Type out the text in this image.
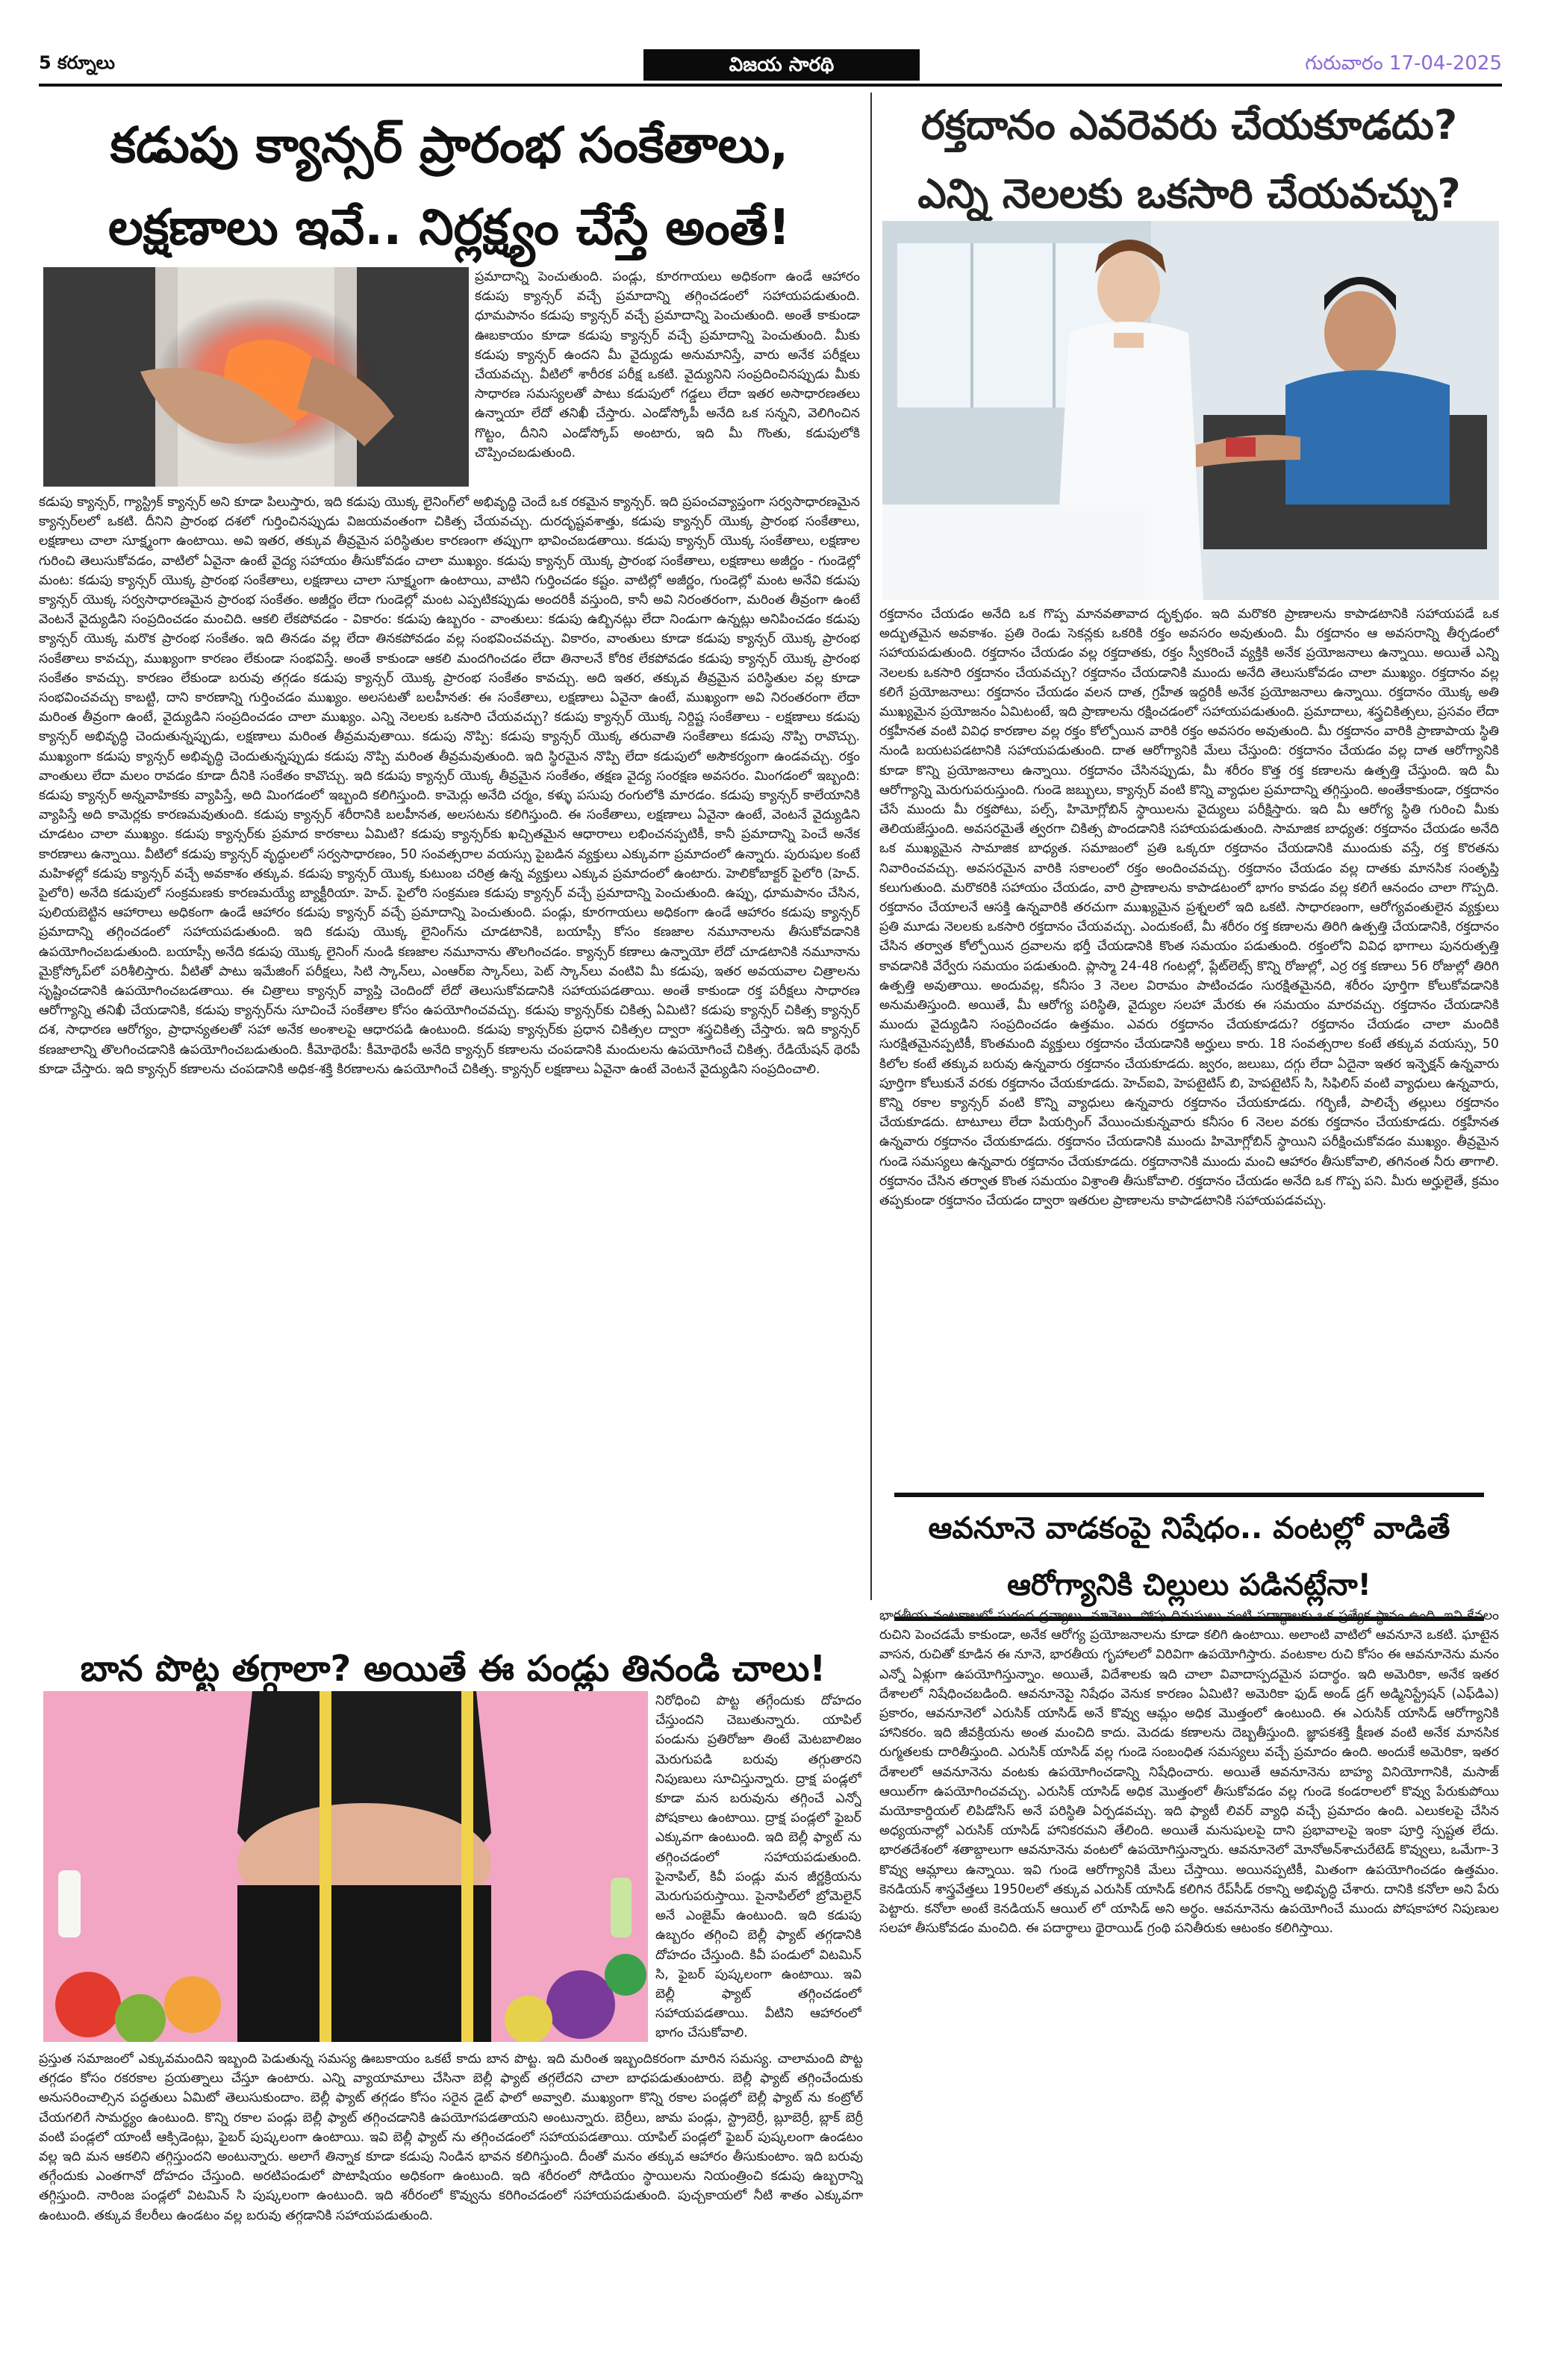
5 కర్నూలు	విజయ సారథి	గురువారం 17-04-2025
కడుపు క్యాన్సర్ ప్రారంభ సంకేతాలు, లక్షణాలు ఇవే.. నిర్లక్ష్యం చేస్తే అంతే!
ప్రమాదాన్ని పెంచుతుంది. పండ్లు, కూరగాయలు అధికంగా ఉండే ఆహారం కడుపు క్యాన్సర్ వచ్చే ప్రమాదాన్ని తగ్గించడంలో సహాయపడుతుంది. ధూమపానం కడుపు క్యాన్సర్ వచ్చే ప్రమాదాన్ని పెంచుతుంది. అంతే కాకుండా ఊబకాయం కూడా కడుపు క్యాన్సర్ వచ్చే ప్రమాదాన్ని పెంచుతుంది. మీకు కడుపు క్యాన్సర్ ఉందని మీ వైద్యుడు అనుమానిస్తే, వారు అనేక పరీక్షలు చేయవచ్చు. వీటిలో శారీరక పరీక్ష ఒకటి. వైద్యునిని సంప్రదించినప్పుడు మీకు సాధారణ సమస్యలతో పాటు కడుపులో గడ్డలు లేదా ఇతర అసాధారణతలు ఉన్నాయా లేదో తనిఖీ చేస్తారు. ఎండోస్కోపీ అనేది ఒక సన్నని, వెలిగించిన గొట్టం, దీనిని ఎండోస్కోప్ అంటారు, ఇది మీ గొంతు, కడుపులోకి చొప్పించబడుతుంది.
కడుపు క్యాన్సర్, గ్యాస్ట్రిక్ క్యాన్సర్ అని కూడా పిలుస్తారు, ఇది కడుపు యొక్క లైనింగ్‌లో అభివృద్ధి చెందే ఒక రకమైన క్యాన్సర్. ఇది ప్రపంచవ్యాప్తంగా సర్వసాధారణమైన క్యాన్సర్‌లలో ఒకటి. దీనిని ప్రారంభ దశలో గుర్తించినప్పుడు విజయవంతంగా చికిత్స చేయవచ్చు. దురదృష్టవశాత్తు, కడుపు క్యాన్సర్ యొక్క ప్రారంభ సంకేతాలు, లక్షణాలు చాలా సూక్ష్మంగా ఉంటాయి. అవి ఇతర, తక్కువ తీవ్రమైన పరిస్థితుల కారణంగా తప్పుగా భావించబడతాయి. కడుపు క్యాన్సర్ యొక్క సంకేతాలు, లక్షణాల గురించి తెలుసుకోవడం, వాటిలో ఏవైనా ఉంటే వైద్య సహాయం తీసుకోవడం చాలా ముఖ్యం. కడుపు క్యాన్సర్ యొక్క ప్రారంభ సంకేతాలు, లక్షణాలు అజీర్ణం - గుండెల్లో మంట: కడుపు క్యాన్సర్ యొక్క ప్రారంభ సంకేతాలు, లక్షణాలు చాలా సూక్ష్మంగా ఉంటాయి, వాటిని గుర్తించడం కష్టం. వాటిల్లో అజీర్ణం, గుండెల్లో మంట అనేవి కడుపు క్యాన్సర్ యొక్క సర్వసాధారణమైన ప్రారంభ సంకేతం. అజీర్ణం లేదా గుండెల్లో మంట ఎప్పటికప్పుడు అందరికీ వస్తుంది, కానీ అవి నిరంతరంగా, మరింత తీవ్రంగా ఉంటే వెంటనే వైద్యుడిని సంప్రదించడం మంచిది. ఆకలి లేకపోవడం - వికారం: కడుపు ఉబ్బరం - వాంతులు: కడుపు ఉబ్బినట్లు లేదా నిండుగా ఉన్నట్లు అనిపించడం కడుపు క్యాన్సర్ యొక్క మరొక ప్రారంభ సంకేతం. ఇది తినడం వల్ల లేదా తినకపోవడం వల్ల సంభవించవచ్చు. వికారం, వాంతులు కూడా కడుపు క్యాన్సర్ యొక్క ప్రారంభ సంకేతాలు కావచ్చు, ముఖ్యంగా కారణం లేకుండా సంభవిస్తే. అంతే కాకుండా ఆకలి మందగించడం లేదా తినాలనే కోరిక లేకపోవడం కడుపు క్యాన్సర్ యొక్క ప్రారంభ సంకేతం కావచ్చు. కారణం లేకుండా బరువు తగ్గడం కడుపు క్యాన్సర్ యొక్క ప్రారంభ సంకేతం కావచ్చు. అది ఇతర, తక్కువ తీవ్రమైన పరిస్థితుల వల్ల కూడా సంభవించవచ్చు కాబట్టి, దాని కారణాన్ని గుర్తించడం ముఖ్యం. అలసటతో బలహీనత: ఈ సంకేతాలు, లక్షణాలు ఏవైనా ఉంటే, ముఖ్యంగా అవి నిరంతరంగా లేదా మరింత తీవ్రంగా ఉంటే, వైద్యుడిని సంప్రదించడం చాలా ముఖ్యం. ఎన్ని నెలలకు ఒకసారి చేయవచ్చు? కడుపు క్యాన్సర్ యొక్క నిర్దిష్ట సంకేతాలు - లక్షణాలు కడుపు క్యాన్సర్ అభివృద్ధి చెందుతున్నప్పుడు, లక్షణాలు మరింత తీవ్రమవుతాయి. కడుపు నొప్పి: కడుపు క్యాన్సర్ యొక్క తరువాతి సంకేతాలు కడుపు నొప్పి రావొచ్చు. ముఖ్యంగా కడుపు క్యాన్సర్ అభివృద్ధి చెందుతున్నప్పుడు కడుపు నొప్పి మరింత తీవ్రమవుతుంది. ఇది స్థిరమైన నొప్పి లేదా కడుపులో అసౌకర్యంగా ఉండవచ్చు. రక్తం వాంతులు లేదా మలం రావడం కూడా దీనికి సంకేతం కావొచ్చు. ఇది కడుపు క్యాన్సర్ యొక్క తీవ్రమైన సంకేతం, తక్షణ వైద్య సంరక్షణ అవసరం. మింగడంలో ఇబ్బంది: కడుపు క్యాన్సర్ అన్నవాహికకు వ్యాపిస్తే, అది మింగడంలో ఇబ్బంది కలిగిస్తుంది. కామెర్లు అనేది చర్మం, కళ్ళు పసుపు రంగులోకి మారడం. కడుపు క్యాన్సర్ కాలేయానికి వ్యాపిస్తే అది కామెర్లకు కారణమవుతుంది. కడుపు క్యాన్సర్ శరీరానికి బలహీనత, అలసటను కలిగిస్తుంది. ఈ సంకేతాలు, లక్షణాలు ఏవైనా ఉంటే, వెంటనే వైద్యుడిని చూడటం చాలా ముఖ్యం. కడుపు క్యాన్సర్‌కు ప్రమాద కారకాలు ఏమిటి? కడుపు క్యాన్సర్‌కు ఖచ్చితమైన ఆధారాలు లభించనప్పటికీ, కానీ ప్రమాదాన్ని పెంచే అనేక కారణాలు ఉన్నాయి. వీటిలో కడుపు క్యాన్సర్ వృద్ధులలో సర్వసాధారణం, 50 సంవత్సరాల వయస్సు పైబడిన వ్యక్తులు ఎక్కువగా ప్రమాదంలో ఉన్నారు. పురుషుల కంటే మహిళల్లో కడుపు క్యాన్సర్ వచ్చే అవకాశం తక్కువ. కడుపు క్యాన్సర్ యొక్క కుటుంబ చరిత్ర ఉన్న వ్యక్తులు ఎక్కువ ప్రమాదంలో ఉంటారు. హెలికోబాక్టర్ పైలోరి (హెచ్. పైలోరి) అనేది కడుపులో సంక్రమణకు కారణమయ్యే బ్యాక్టీరియా. హెచ్. పైలోరి సంక్రమణ కడుపు క్యాన్సర్ వచ్చే ప్రమాదాన్ని పెంచుతుంది. ఉప్పు, ధూమపానం చేసిన, పులియబెట్టిన ఆహారాలు అధికంగా ఉండే ఆహారం కడుపు క్యాన్సర్ వచ్చే ప్రమాదాన్ని పెంచుతుంది. పండ్లు, కూరగాయలు అధికంగా ఉండే ఆహారం కడుపు క్యాన్సర్ ప్రమాదాన్ని తగ్గించడంలో సహాయపడుతుంది. ఇది కడుపు యొక్క లైనింగ్‌ను చూడటానికి, బయాప్సీ కోసం కణజాల నమూనాలను తీసుకోవడానికి ఉపయోగించబడుతుంది. బయాప్సీ అనేది కడుపు యొక్క లైనింగ్ నుండి కణజాల నమూనాను తొలగించడం. క్యాన్సర్ కణాలు ఉన్నాయో లేదో చూడటానికి నమూనాను మైక్రోస్కోప్‌లో పరిశీలిస్తారు. వీటితో పాటు ఇమేజింగ్ పరీక్షలు, సిటి స్కాన్‌లు, ఎంఆర్ఐ స్కాన్‌లు, పెట్ స్కాన్‌లు వంటివి మీ కడుపు, ఇతర అవయవాల చిత్రాలను సృష్టించడానికి ఉపయోగించబడతాయి. ఈ చిత్రాలు క్యాన్సర్ వ్యాప్తి చెందిందో లేదో తెలుసుకోవడానికి సహాయపడతాయి. అంతే కాకుండా రక్త పరీక్షలు సాధారణ ఆరోగ్యాన్ని తనిఖీ చేయడానికి, కడుపు క్యాన్సర్‌ను సూచించే సంకేతాల కోసం ఉపయోగించవచ్చు. కడుపు క్యాన్సర్‌కు చికిత్స ఏమిటి? కడుపు క్యాన్సర్ చికిత్స క్యాన్సర్ దశ, సాధారణ ఆరోగ్యం, ప్రాధాన్యతలతో సహా అనేక అంశాలపై ఆధారపడి ఉంటుంది. కడుపు క్యాన్సర్‌కు ప్రధాన చికిత్సల ద్వారా శస్త్రచికిత్స చేస్తారు. ఇది క్యాన్సర్ కణజాలాన్ని తొలగించడానికి ఉపయోగించబడుతుంది. కీమోథెరపీ: కీమోథెరపీ అనేది క్యాన్సర్ కణాలను చంపడానికి మందులను ఉపయోగించే చికిత్స. రేడియేషన్ థెరపీ కూడా చేస్తారు. ఇది క్యాన్సర్ కణాలను చంపడానికి అధిక-శక్తి కిరణాలను ఉపయోగించే చికిత్స. క్యాన్సర్ లక్షణాలు ఏవైనా ఉంటే వెంటనే వైద్యుడిని సంప్రదించాలి.
రక్తదానం ఎవరెవరు చేయకూడదు? ఎన్ని నెలలకు ఒకసారి చేయవచ్చు?
రక్తదానం చేయడం అనేది ఒక గొప్ప మానవతావాద దృక్పథం. ఇది మరొకరి ప్రాణాలను కాపాడటానికి సహాయపడే ఒక అద్భుతమైన అవకాశం. ప్రతి రెండు సెకన్లకు ఒకరికి రక్తం అవసరం అవుతుంది. మీ రక్తదానం ఆ అవసరాన్ని తీర్చడంలో సహాయపడుతుంది. రక్తదానం చేయడం వల్ల రక్తదాతకు, రక్తం స్వీకరించే వ్యక్తికి అనేక ప్రయోజనాలు ఉన్నాయి. అయితే ఎన్ని నెలలకు ఒకసారి రక్తదానం చేయవచ్చు? రక్తదానం చేయడానికి ముందు అనేది తెలుసుకోవడం చాలా ముఖ్యం. రక్తదానం వల్ల కలిగే ప్రయోజనాలు: రక్తదానం చేయడం వలన దాత, గ్రహీత ఇద్దరికీ అనేక ప్రయోజనాలు ఉన్నాయి. రక్తదానం యొక్క అతి ముఖ్యమైన ప్రయోజనం ఏమిటంటే, ఇది ప్రాణాలను రక్షించడంలో సహాయపడుతుంది. ప్రమాదాలు, శస్త్రచికిత్సలు, ప్రసవం లేదా రక్తహీనత వంటి వివిధ కారణాల వల్ల రక్తం కోల్పోయిన వారికి రక్తం అవసరం అవుతుంది. మీ రక్తదానం వారికి ప్రాణాపాయ స్థితి నుండి బయటపడటానికి సహాయపడుతుంది. దాత ఆరోగ్యానికి మేలు చేస్తుంది: రక్తదానం చేయడం వల్ల దాత ఆరోగ్యానికి కూడా కొన్ని ప్రయోజనాలు ఉన్నాయి. రక్తదానం చేసినప్పుడు, మీ శరీరం కొత్త రక్త కణాలను ఉత్పత్తి చేస్తుంది. ఇది మీ ఆరోగ్యాన్ని మెరుగుపరుస్తుంది. గుండె జబ్బులు, క్యాన్సర్ వంటి కొన్ని వ్యాధుల ప్రమాదాన్ని తగ్గిస్తుంది. అంతేకాకుండా, రక్తదానం చేసే ముందు మీ రక్తపోటు, పల్స్, హిమోగ్లోబిన్ స్థాయిలను వైద్యులు పరీక్షిస్తారు. ఇది మీ ఆరోగ్య స్థితి గురించి మీకు తెలియజేస్తుంది. అవసరమైతే త్వరగా చికిత్స పొందడానికి సహాయపడుతుంది. సామాజిక బాధ్యత: రక్తదానం చేయడం అనేది ఒక ముఖ్యమైన సామాజిక బాధ్యత. సమాజంలో ప్రతి ఒక్కరూ రక్తదానం చేయడానికి ముందుకు వస్తే, రక్త కొరతను నివారించవచ్చు. అవసరమైన వారికి సకాలంలో రక్తం అందించవచ్చు. రక్తదానం చేయడం వల్ల దాతకు మానసిక సంతృప్తి కలుగుతుంది. మరొకరికి సహాయం చేయడం, వారి ప్రాణాలను కాపాడటంలో భాగం కావడం వల్ల కలిగే ఆనందం చాలా గొప్పది. రక్తదానం చేయాలనే ఆసక్తి ఉన్నవారికి తరచుగా ముఖ్యమైన ప్రశ్నలలో ఇది ఒకటి. సాధారణంగా, ఆరోగ్యవంతులైన వ్యక్తులు ప్రతి మూడు నెలలకు ఒకసారి రక్తదానం చేయవచ్చు. ఎందుకంటే, మీ శరీరం రక్త కణాలను తిరిగి ఉత్పత్తి చేయడానికి, రక్తదానం చేసిన తర్వాత కోల్పోయిన ద్రవాలను భర్తీ చేయడానికి కొంత సమయం పడుతుంది. రక్తంలోని వివిధ భాగాలు పునరుత్పత్తి కావడానికి వేర్వేరు సమయం పడుతుంది. ప్లాస్మా 24-48 గంటల్లో, ప్లేట్‌లెట్స్ కొన్ని రోజుల్లో, ఎర్ర రక్త కణాలు 56 రోజుల్లో తిరిగి ఉత్పత్తి అవుతాయి. అందువల్ల, కనీసం 3 నెలల విరామం పాటించడం సురక్షితమైనది, శరీరం పూర్తిగా కోలుకోవడానికి అనుమతిస్తుంది. అయితే, మీ ఆరోగ్య పరిస్థితి, వైద్యుల సలహా మేరకు ఈ సమయం మారవచ్చు. రక్తదానం చేయడానికి ముందు వైద్యుడిని సంప్రదించడం ఉత్తమం. ఎవరు రక్తదానం చేయకూడదు? రక్తదానం చేయడం చాలా మందికి సురక్షితమైనప్పటికీ, కొంతమంది వ్యక్తులు రక్తదానం చేయడానికి అర్హులు కారు. 18 సంవత్సరాల కంటే తక్కువ వయస్సు, 50 కిలోల కంటే తక్కువ బరువు ఉన్నవారు రక్తదానం చేయకూడదు. జ్వరం, జలుబు, దగ్గు లేదా ఏదైనా ఇతర ఇన్ఫెక్షన్ ఉన్నవారు పూర్తిగా కోలుకునే వరకు రక్తదానం చేయకూడదు. హెచ్ఐవి, హెపటైటిస్ బి, హెపటైటిస్ సి, సిఫిలిస్ వంటి వ్యాధులు ఉన్నవారు, కొన్ని రకాల క్యాన్సర్ వంటి కొన్ని వ్యాధులు ఉన్నవారు రక్తదానం చేయకూడదు. గర్భిణీ, పాలిచ్చే తల్లులు రక్తదానం చేయకూడదు. టాటూలు లేదా పియర్సింగ్ వేయించుకున్నవారు కనీసం 6 నెలల వరకు రక్తదానం చేయకూడదు. రక్తహీనత ఉన్నవారు రక్తదానం చేయకూడదు. రక్తదానం చేయడానికి ముందు హిమోగ్లోబిన్ స్థాయిని పరీక్షించుకోవడం ముఖ్యం. తీవ్రమైన గుండె సమస్యలు ఉన్నవారు రక్తదానం చేయకూడదు. రక్తదానానికి ముందు మంచి ఆహారం తీసుకోవాలి, తగినంత నీరు తాగాలి. రక్తదానం చేసిన తర్వాత కొంత సమయం విశ్రాంతి తీసుకోవాలి. రక్తదానం చేయడం అనేది ఒక గొప్ప పని. మీరు అర్హులైతే, క్రమం తప్పకుండా రక్తదానం చేయడం ద్వారా ఇతరుల ప్రాణాలను కాపాడటానికి సహాయపడవచ్చు.
బాన పొట్ట తగ్గాలా? అయితే ఈ పండ్లు తినండి చాలు!
నిరోధించి పొట్ట తగ్గేందుకు దోహదం చేస్తుందని చెబుతున్నారు. యాపిల్ పండును ప్రతిరోజూ తింటే మెటబాలిజం మెరుగుపడి బరువు తగ్గుతారని నిపుణులు సూచిస్తున్నారు. ద్రాక్ష పండ్లలో కూడా మన బరువును తగ్గించే ఎన్నో పోషకాలు ఉంటాయి. ద్రాక్ష పండ్లలో ఫైబర్ ఎక్కువగా ఉంటుంది. ఇది బెల్లీ ఫ్యాట్ ను తగ్గించడంలో సహాయపడుతుంది. పైనాపిల్, కివీ పండ్లు మన జీర్ణక్రియను మెరుగుపరుస్తాయి. పైనాపిల్‌లో బ్రోమెలైన్ అనే ఎంజైమ్ ఉంటుంది. ఇది కడుపు ఉబ్బరం తగ్గించి బెల్లీ ఫ్యాట్ తగ్గడానికి దోహదం చేస్తుంది. కివీ పండులో విటమిన్ సి, ఫైబర్ పుష్కలంగా ఉంటాయి. ఇవి బెల్లీ ఫ్యాట్ తగ్గించడంలో సహాయపడతాయి. వీటిని ఆహారంలో భాగం చేసుకోవాలి.
ప్రస్తుత సమాజంలో ఎక్కువమందిని ఇబ్బంది పెడుతున్న సమస్య ఊబకాయం ఒకటే కాదు బాన పొట్ట. ఇది మరింత ఇబ్బందికరంగా మారిన సమస్య. చాలామంది పొట్ట తగ్గడం కోసం రకరకాల ప్రయత్నాలు చేస్తూ ఉంటారు. ఎన్ని వ్యాయామాలు చేసినా బెల్లీ ఫ్యాట్ తగ్గలేదని చాలా బాధపడుతుంటారు. బెల్లీ ఫ్యాట్ తగ్గించేందుకు అనుసరించాల్సిన పద్ధతులు ఏమిటో తెలుసుకుందాం. బెల్లీ ఫ్యాట్ తగ్గడం కోసం సరైన డైట్ ఫాలో అవ్వాలి. ముఖ్యంగా కొన్ని రకాల పండ్లలో బెల్లీ ఫ్యాట్ ను కంట్రోల్ చేయగలిగే సామర్థ్యం ఉంటుంది. కొన్ని రకాల పండ్లు బెల్లీ ఫ్యాట్ తగ్గించడానికి ఉపయోగపడతాయని అంటున్నారు. బెర్రీలు, జామ పండ్లు, స్ట్రాబెర్రీ, బ్లూబెర్రీ, బ్లాక్ బెర్రీ వంటి పండ్లలో యాంటీ ఆక్సిడెంట్లు, ఫైబర్ పుష్కలంగా ఉంటాయి. ఇవి బెల్లీ ఫ్యాట్ ను తగ్గించడంలో సహాయపడతాయి. యాపిల్ పండ్లలో ఫైబర్ పుష్కలంగా ఉండటం వల్ల ఇది మన ఆకలిని తగ్గిస్తుందని అంటున్నారు. అలాగే తిన్నాక కూడా కడుపు నిండిన భావన కలిగిస్తుంది. దీంతో మనం తక్కువ ఆహారం తీసుకుంటాం. ఇది బరువు తగ్గేందుకు ఎంతగానో దోహదం చేస్తుంది. అరటిపండులో పొటాషియం అధికంగా ఉంటుంది. ఇది శరీరంలో సోడియం స్థాయిలను నియంత్రించి కడుపు ఉబ్బరాన్ని తగ్గిస్తుంది. నారింజ పండ్లలో విటమిన్ సి పుష్కలంగా ఉంటుంది. ఇది శరీరంలో కొవ్వును కరిగించడంలో సహాయపడుతుంది. పుచ్చకాయలో నీటి శాతం ఎక్కువగా ఉంటుంది. తక్కువ కేలరీలు ఉండటం వల్ల బరువు తగ్గడానికి సహాయపడుతుంది.
ఆవనూనె వాడకంపై నిషేధం.. వంటల్లో వాడితే ఆరోగ్యానికి చిల్లులు పడినట్లేనా!
భారతీయ వంటకాలలో సుగంధ ద్రవ్యాలు, నూనెలు, పోపు దినుసులు వంటి పదార్థాలకు ఒక ప్రత్యేక స్థానం ఉంది. ఇవి కేవలం రుచిని పెంచడమే కాకుండా, అనేక ఆరోగ్య ప్రయోజనాలను కూడా కలిగి ఉంటాయి. అలాంటి వాటిలో ఆవనూనె ఒకటి. ఘాటైన వాసన, రుచితో కూడిన ఈ నూనె, భారతీయ గృహాలలో విరివిగా ఉపయోగిస్తారు. వంటకాల రుచి కోసం ఈ ఆవనూనెను మనం ఎన్నో ఏళ్లుగా ఉపయోగిస్తున్నాం. అయితే, విదేశాలకు ఇది చాలా వివాదాస్పదమైన పదార్థం. ఇది అమెరికా, అనేక ఇతర దేశాలలో నిషేధించబడింది. ఆవనూనెపై నిషేధం వెనుక కారణం ఏమిటి? అమెరికా ఫుడ్ అండ్ డ్రగ్ అడ్మినిస్ట్రేషన్ (ఎఫ్‌డిఎ) ప్రకారం, ఆవనూనెలో ఎరుసిక్ యాసిడ్ అనే కొవ్వు ఆమ్లం అధిక మొత్తంలో ఉంటుంది. ఈ ఎరుసిక్ యాసిడ్ ఆరోగ్యానికి హానికరం. ఇది జీవక్రియను అంత మంచిది కాదు. మెదడు కణాలను దెబ్బతీస్తుంది. జ్ఞాపకశక్తి క్షీణత వంటి అనేక మానసిక రుగ్మతలకు దారితీస్తుంది. ఎరుసిక్ యాసిడ్ వల్ల గుండె సంబంధిత సమస్యలు వచ్చే ప్రమాదం ఉంది. అందుకే అమెరికా, ఇతర దేశాలలో ఆవనూనెను వంటకు ఉపయోగించడాన్ని నిషేధించారు. అయితే ఆవనూనెను బాహ్య వినియోగానికి, మసాజ్ ఆయిల్‌గా ఉపయోగించవచ్చు. ఎరుసిక్ యాసిడ్ అధిక మొత్తంలో తీసుకోవడం వల్ల గుండె కండరాలలో కొవ్వు పేరుకుపోయి మయోకార్డియల్ లిపిడోసిస్ అనే పరిస్థితి ఏర్పడవచ్చు. ఇది ఫ్యాటీ లివర్ వ్యాధి వచ్చే ప్రమాదం ఉంది. ఎలుకలపై చేసిన అధ్యయనాల్లో ఎరుసిక్ యాసిడ్ హానికరమని తేలింది. అయితే మనుషులపై దాని ప్రభావాలపై ఇంకా పూర్తి స్పష్టత లేదు. భారతదేశంలో శతాబ్దాలుగా ఆవనూనెను వంటలో ఉపయోగిస్తున్నారు. ఆవనూనెలో మోనోఅన్‌శాచురేటెడ్ కొవ్వులు, ఒమేగా-3 కొవ్వు ఆమ్లాలు ఉన్నాయి. ఇవి గుండె ఆరోగ్యానికి మేలు చేస్తాయి. అయినప్పటికీ, మితంగా ఉపయోగించడం ఉత్తమం. కెనడియన్ శాస్త్రవేత్తలు 1950లలో తక్కువ ఎరుసిక్ యాసిడ్ కలిగిన రేప్‌సీడ్ రకాన్ని అభివృద్ధి చేశారు. దానికి కనోలా అని పేరు పెట్టారు. కనోలా అంటే కెనడియన్ ఆయిల్ లో యాసిడ్ అని అర్థం. ఆవనూనెను ఉపయోగించే ముందు పోషకాహార నిపుణుల సలహా తీసుకోవడం మంచిది. ఈ పదార్థాలు థైరాయిడ్ గ్రంథి పనితీరుకు ఆటంకం కలిగిస్తాయి.
